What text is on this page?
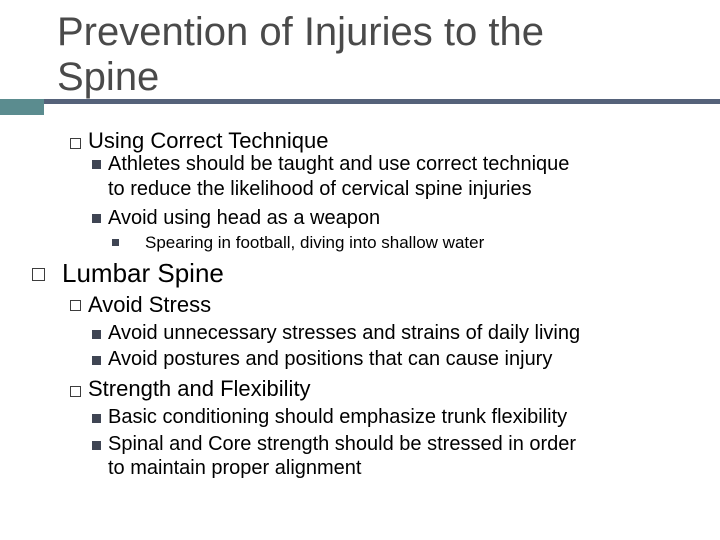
Prevention of Injuries to the
Spine
Using Correct Technique
Athletes should be taught and use correct technique
to reduce the likelihood of cervical spine injuries
Avoid using head as a weapon
Spearing in football, diving into shallow water
Lumbar Spine
Avoid Stress
Avoid unnecessary stresses and strains of daily living
Avoid postures and positions that can cause injury
Strength and Flexibility
Basic conditioning should emphasize trunk flexibility
Spinal and Core strength should be stressed in order
to maintain proper alignment
